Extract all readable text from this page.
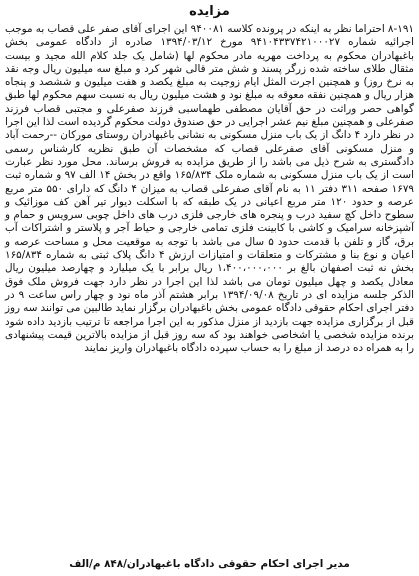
مزایده

۸-۱۹۱ احتراما نظر به اینکه در پرونده کلاسه ۹۴۰۰۸۱ این اجرای آقای صفر علی قصاب به موجب اجرائیه شماره ۹۴۱۰۴۳۳۷۴۲۱۰۰۰۲۷ مورخ ۱۳۹۴/۰۳/۱۲ صادره از دادگاه عمومی بخش باغبهادران محکوم به پرداخت مهریه مادر محکوم لها (شامل یک جلد کلام الله مجید و بیست مثقال طلای ساخته شده زرگر پسند و شش متر قالی شهر کرد و مبلغ سه میلیون ریال وجه نقد به نرخ روز) و همچنین اجرت المثل ایام زوجیت به مبلغ یکصد و هفت میلیون و ششصد و پنجاه هزار ریال و همچنین نفقه معوقه به مبلغ نود و هشت میلیون ریال به نسبت سهم محکوم لها طبق گواهی حصر وراثت در حق آقایان مصطفی طهماسبی فرزند صفرعلی و مجتبی قصاب فرزند صفرعلی و همچنین مبلغ نیم عشر اجرایی در حق صندوق دولت محکوم گردیده است لذا این اجرا در نظر دارد ۴ دانگ از یک باب منزل مسکونی به نشانی باغبهادران روستای مورکان --رحمت آباد و منزل مسکونی آقای صفرعلی قصاب که مشخصات آن طبق نظریه کارشناس رسمی دادگستری به شرح ذیل می باشد را از طریق مزایده به فروش برساند. محل مورد نظر عبارت است از یک باب منزل مسکونی به شماره ملک ۱۶۵/۸۳۴ واقع در بخش ۱۴ الف ۹۷ و شماره ثبت ۱۶۷۹ صفحه ۳۱۱ دفتر ۱۱ به نام آقای صفرعلی قصاب به میزان ۴ دانگ که دارای ۵۵۰ متر مربع عرصه و حدود ۱۲۰ متر مربع اعیانی در یک طبقه که با اسکلت دیوار تیر آهن کف موزائیک و سطوح داخل کچ سفید درب و پنجره های خارجی فلزی درب های داخل چوبی سرویس و حمام و آشپزخانه سرامیک و کاشی با کابینت فلزی تمامی خارجی و حیاط آجر و پلاستر و اشتراکات آب برق، گاز و تلفن با قدمت حدود ۵ سال می باشد با توجه به موقعیت محل و مساحت عرصه و اعیان و نوع بنا و مشترکات و متعلقات و امتیازات ارزش ۴ دانگ پلاک ثبتی به شماره ۱۶۵/۸۳۴ بخش نه ثبت اصفهان بالغ بر ۱،۴۰۰،۰۰۰،۰۰۰ ریال برابر با یک میلیارد و چهارصد میلیون ریال معادل یکصد و چهل میلیون تومان می باشد لذا این اجرا در نظر دارد جهت فروش ملک فوق الذکر جلسه مزایده ای در تاریخ ۱۳۹۴/۰۹/۰۸ برابر هشتم آذر ماه نود و چهار راس ساعت ۹ در دفتر اجرای احکام حقوقی دادگاه عمومی بخش باغبهادران برگزار نماید طالبین می توانند سه روز قبل از برگزاری مزایده جهت بازدید از منزل مذکور به این اجرا مراجعه تا ترتیب بازدید داده شود برنده مزایده شخصی یا اشخاصی خواهند بود که سه روز قبل از مزایده بالاترین قیمت پیشنهادی را به همراه ده درصد از مبلغ را به حساب سپرده دادگاه باغبهادران واریز نمایند

مدیر اجرای احکام حقوقی دادگاه باغبهادران/۸۴۸ م/الف
